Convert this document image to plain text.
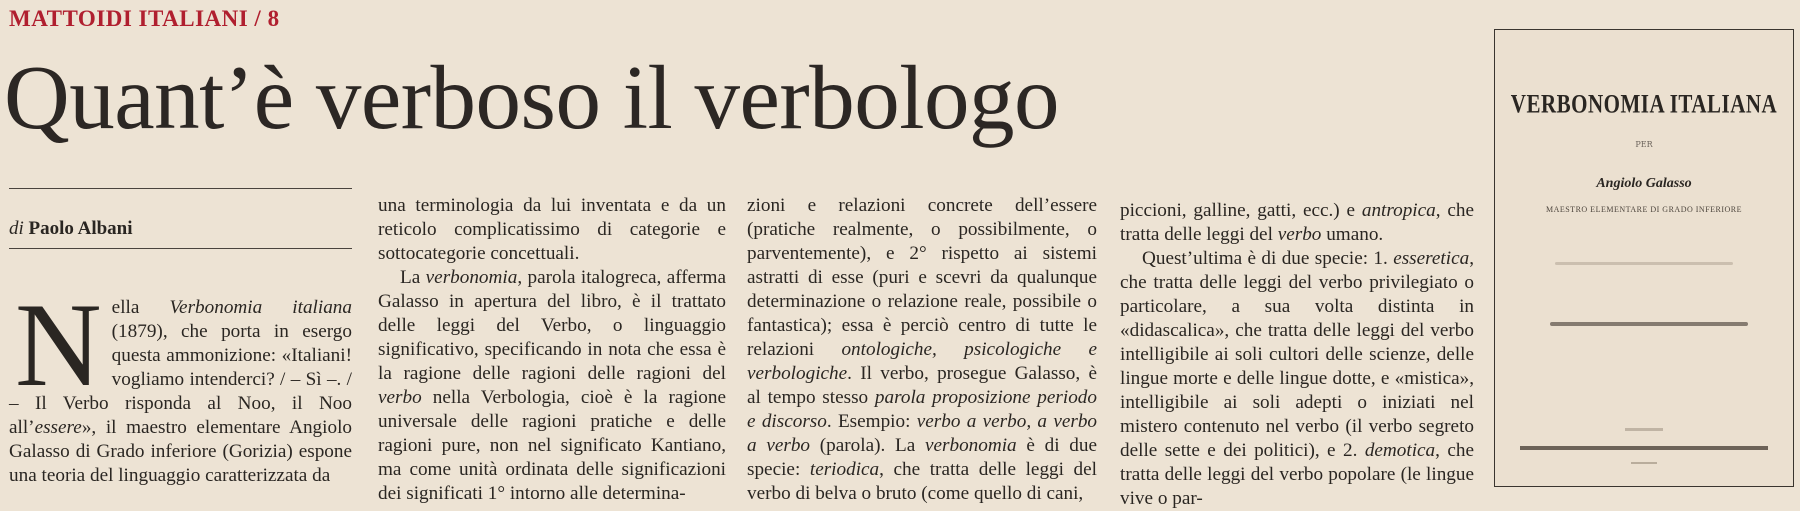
MATTOIDI ITALIANI / 8
Quant’è verboso il verbologo
di Paolo Albani
N ella Verbonomia italiana (1879), che porta in esergo questa ammonizione: «Italiani! vogliamo intenderci? / – Sì –. / – Il Verbo risponda al Noo, il Noo all’essere», il maestro elementare Angiolo Galasso di Grado inferiore (Gorizia) espone una teoria del linguaggio caratterizzata da

una terminologia da lui inventata e da un reticolo complicatissimo di categorie e sottocategorie concettuali.

La verbonomia, parola italogreca, afferma Galasso in apertura del libro, è il trattato delle leggi del Verbo, o linguaggio significativo, specificando in nota che essa è la ragione delle ragioni delle ragioni del verbo nella Verbologia, cioè è la ragione universale delle ragioni pratiche e delle ragioni pure, non nel significato Kantiano, ma come unità ordinata delle significazioni dei significati 1° intorno alle determina-

zioni e relazioni concrete dell’essere (pratiche realmente, o possibilmente, o parventemente), e 2° rispetto ai sistemi astratti di esse (puri e scevri da qualunque determinazione o relazione reale, possibile o fantastica); essa è perciò centro di tutte le relazioni ontologiche, psicologiche e verbologiche. Il verbo, prosegue Galasso, è al tempo stesso parola proposizione periodo e discorso. Esempio: verbo a verbo, a verbo a verbo (parola). La verbonomia è di due specie: teriodica, che tratta delle leggi del verbo di belva o bruto (come quello di cani,

piccioni, galline, gatti, ecc.) e antropica, che tratta delle leggi del verbo umano.

Quest’ultima è di due specie: 1. esseretica, che tratta delle leggi del verbo privilegiato o particolare, a sua volta distinta in «didascalica», che tratta delle leggi del verbo intelligibile ai soli cultori delle scienze, delle lingue morte e delle lingue dotte, e «mistica», intelligibile ai soli adepti o iniziati nel mistero contenuto nel verbo (il verbo segreto delle sette e dei politici), e 2. demotica, che tratta delle leggi del verbo popolare (le lingue vive o par-

VERBONOMIA ITALIANA
PER
Angiolo Galasso
MAESTRO ELEMENTARE DI GRADO INFERIORE
